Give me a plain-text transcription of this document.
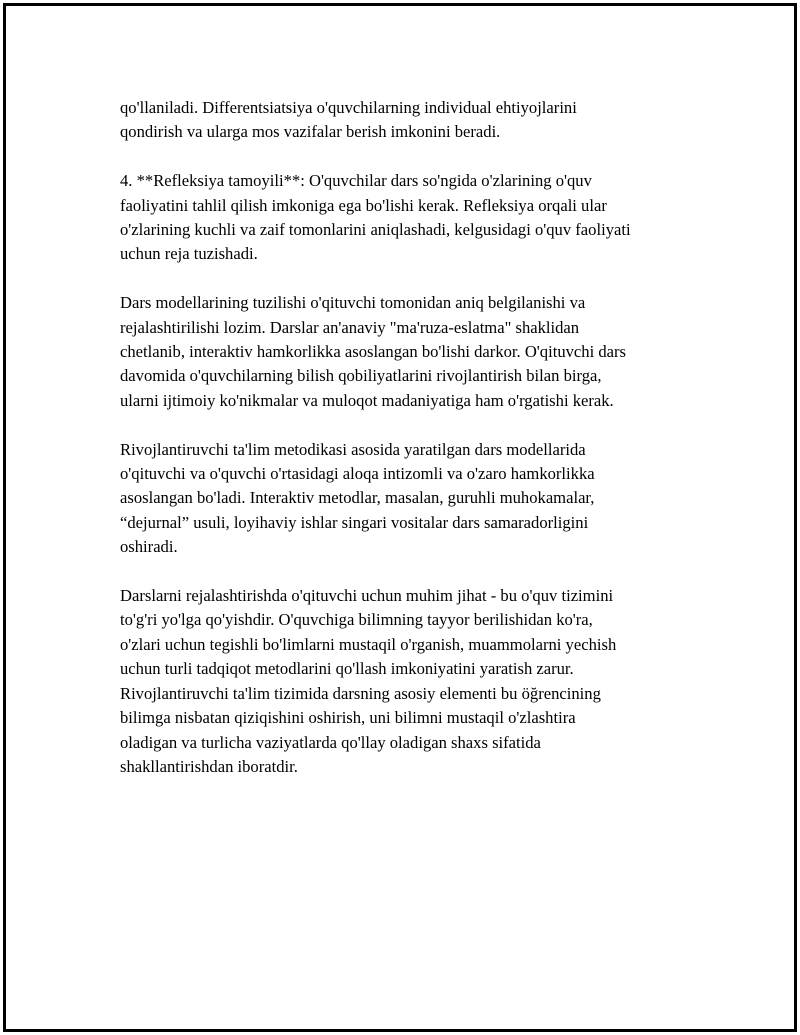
qo'llaniladi. Differentsiatsiya o'quvchilarning individual ehtiyojlarini
qondirish va ularga mos vazifalar berish imkonini beradi.

4. **Refleksiya tamoyili**: O'quvchilar dars so'ngida o'zlarining o'quv
faoliyatini tahlil qilish imkoniga ega bo'lishi kerak. Refleksiya orqali ular
o'zlarining kuchli va zaif tomonlarini aniqlashadi, kelgusidagi o'quv faoliyati
uchun reja tuzishadi.

Dars modellarining tuzilishi o'qituvchi tomonidan aniq belgilanishi va
rejalashtirilishi lozim. Darslar an'anaviy "ma'ruza-eslatma" shaklidan
chetlanib, interaktiv hamkorlikka asoslangan bo'lishi darkor. O'qituvchi dars
davomida o'quvchilarning bilish qobiliyatlarini rivojlantirish bilan birga,
ularni ijtimoiy ko'nikmalar va muloqot madaniyatiga ham o'rgatishi kerak.

Rivojlantiruvchi ta'lim metodikasi asosida yaratilgan dars modellarida
o'qituvchi va o'quvchi o'rtasidagi aloqa intizomli va o'zaro hamkorlikka
asoslangan bo'ladi. Interaktiv metodlar, masalan, guruhli muhokamalar,
“dejurnal” usuli, loyihaviy ishlar singari vositalar dars samaradorligini
oshiradi.

Darslarni rejalashtirishda o'qituvchi uchun muhim jihat - bu o'quv tizimini
to'g'ri yo'lga qo'yishdir. O'quvchiga bilimning tayyor berilishidan ko'ra,
o'zlari uchun tegishli bo'limlarni mustaqil o'rganish, muammolarni yechish
uchun turli tadqiqot metodlarini qo'llash imkoniyatini yaratish zarur.
Rivojlantiruvchi ta'lim tizimida darsning asosiy elementi bu öğrencining
bilimga nisbatan qiziqishini oshirish, uni bilimni mustaqil o'zlashtira
oladigan va turlicha vaziyatlarda qo'llay oladigan shaxs sifatida
shakllantirishdan iboratdir.
